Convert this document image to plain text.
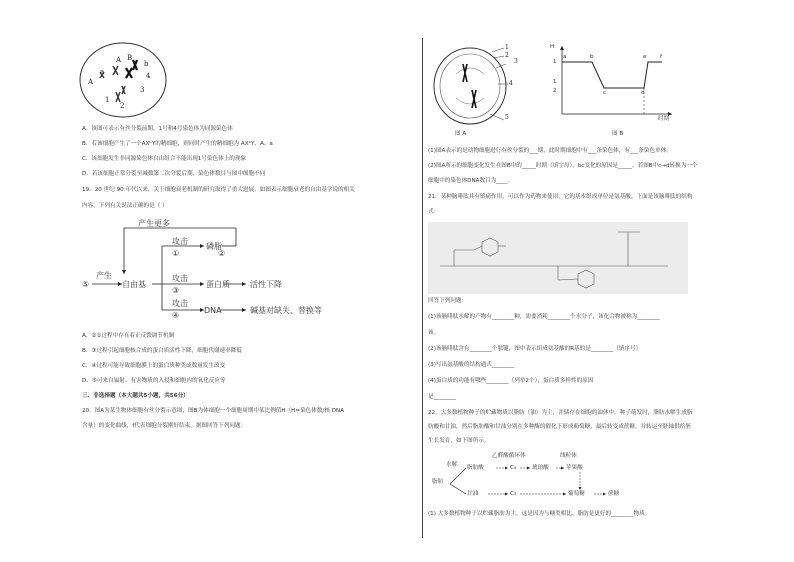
A
a
A B
b
4
1
2
3
A．该图可表示有丝分裂前期，1号和4号染色体为同源染色体
B．若该细胞产生了一个AXᵇY的精细胞，则同时产生的精细胞为 AXᵇY、A、a
C．该细胞发生非同源染色体自由组合不能出现1号染色体上的现象
D．若该细胞正常分裂至减数第二次分裂后期，染色体数目与图中细胞不同
19．20 世纪 90 年代以来，关于细胞衰老机制的研究取得了重大进展。如图表示细胞衰老的自由基学说的相关
内容，下列有关说法正确的是（ ）
产生更多
攻击
①
磷脂
②
产生
⑤	自由基
攻击
③
蛋白质	活性下降
攻击
④
DNA	碱基对缺失、替换等
A．②①过程中存在着正反馈调节机制
B．③过程引起细胞核合成的蛋白质活性下降，细胞代谢速率降低
C．④过程可能导致细胞膜上的蛋白质种类或数量发生改变
D．⑤可来自辐射、有害物质的入侵和细胞内的氧化反应等
三、非选择题（本大题共5小题，共56分）
20．图A为某生物体细胞有丝分裂示意图，图B为体细胞一个细胞周期中某比例值H（H=染色体数/核 DNA
含量）的变化曲线，f代表细胞分裂刚好结束。据图回答下列问题：
1
2
3
4
5
图 A
H
1
1
2
a	b
c	d
e f
时期
图 B
(1)图A表示的是动物细胞进行有丝分裂的___期，此时期细胞中有___条染色体，有___条染色单体。
(2)图A所示的细胞变化发生在图B中的_____时期（填字母），bc变化的原因是_____。若图B中c→d转换为一个
细胞中的染色体DNA数目为____。
21．某种脑啡肽具有镇痛作用，可以作为药物来使用，它的基本组成单位是氨基酸。下面是该脑啡肽的结构
式：
回答下列问题：
(1)该脑啡肽水解的产物有________种，需要消耗________个水分子，该化合物被称为________
该。
(2)该脑啡肽含有________个肽键，图中表示组成氨基酸的R基的是________（填序号）
(3)写出氨基酸的结构通式________
(4)蛋白质的功能有哪些________（列举2个），蛋白质多样性的原因
是________
22．大多数植物种子的贮藏物质以脂肪（油）为主，并储存在细胞的油体中。种子萌发时，脂肪水解生成脂
肪酸和甘油，然后脂肪酸和甘油分别在多种酶的催化下形成葡萄糖，最后转变成蔗糖，并转运至胚轴供给胚
生长发育，如下图所示。
乙醛酸循环体	线粒体
水解 脂肪酸	C₄	琥珀酸	苹果酸
脂肪
甘油	C₃	葡萄糖	蔗糖
(1) 大多数植物种子以贮藏脂肪为主，这是因为与糖类相比，脂肪是更好的________物质。
